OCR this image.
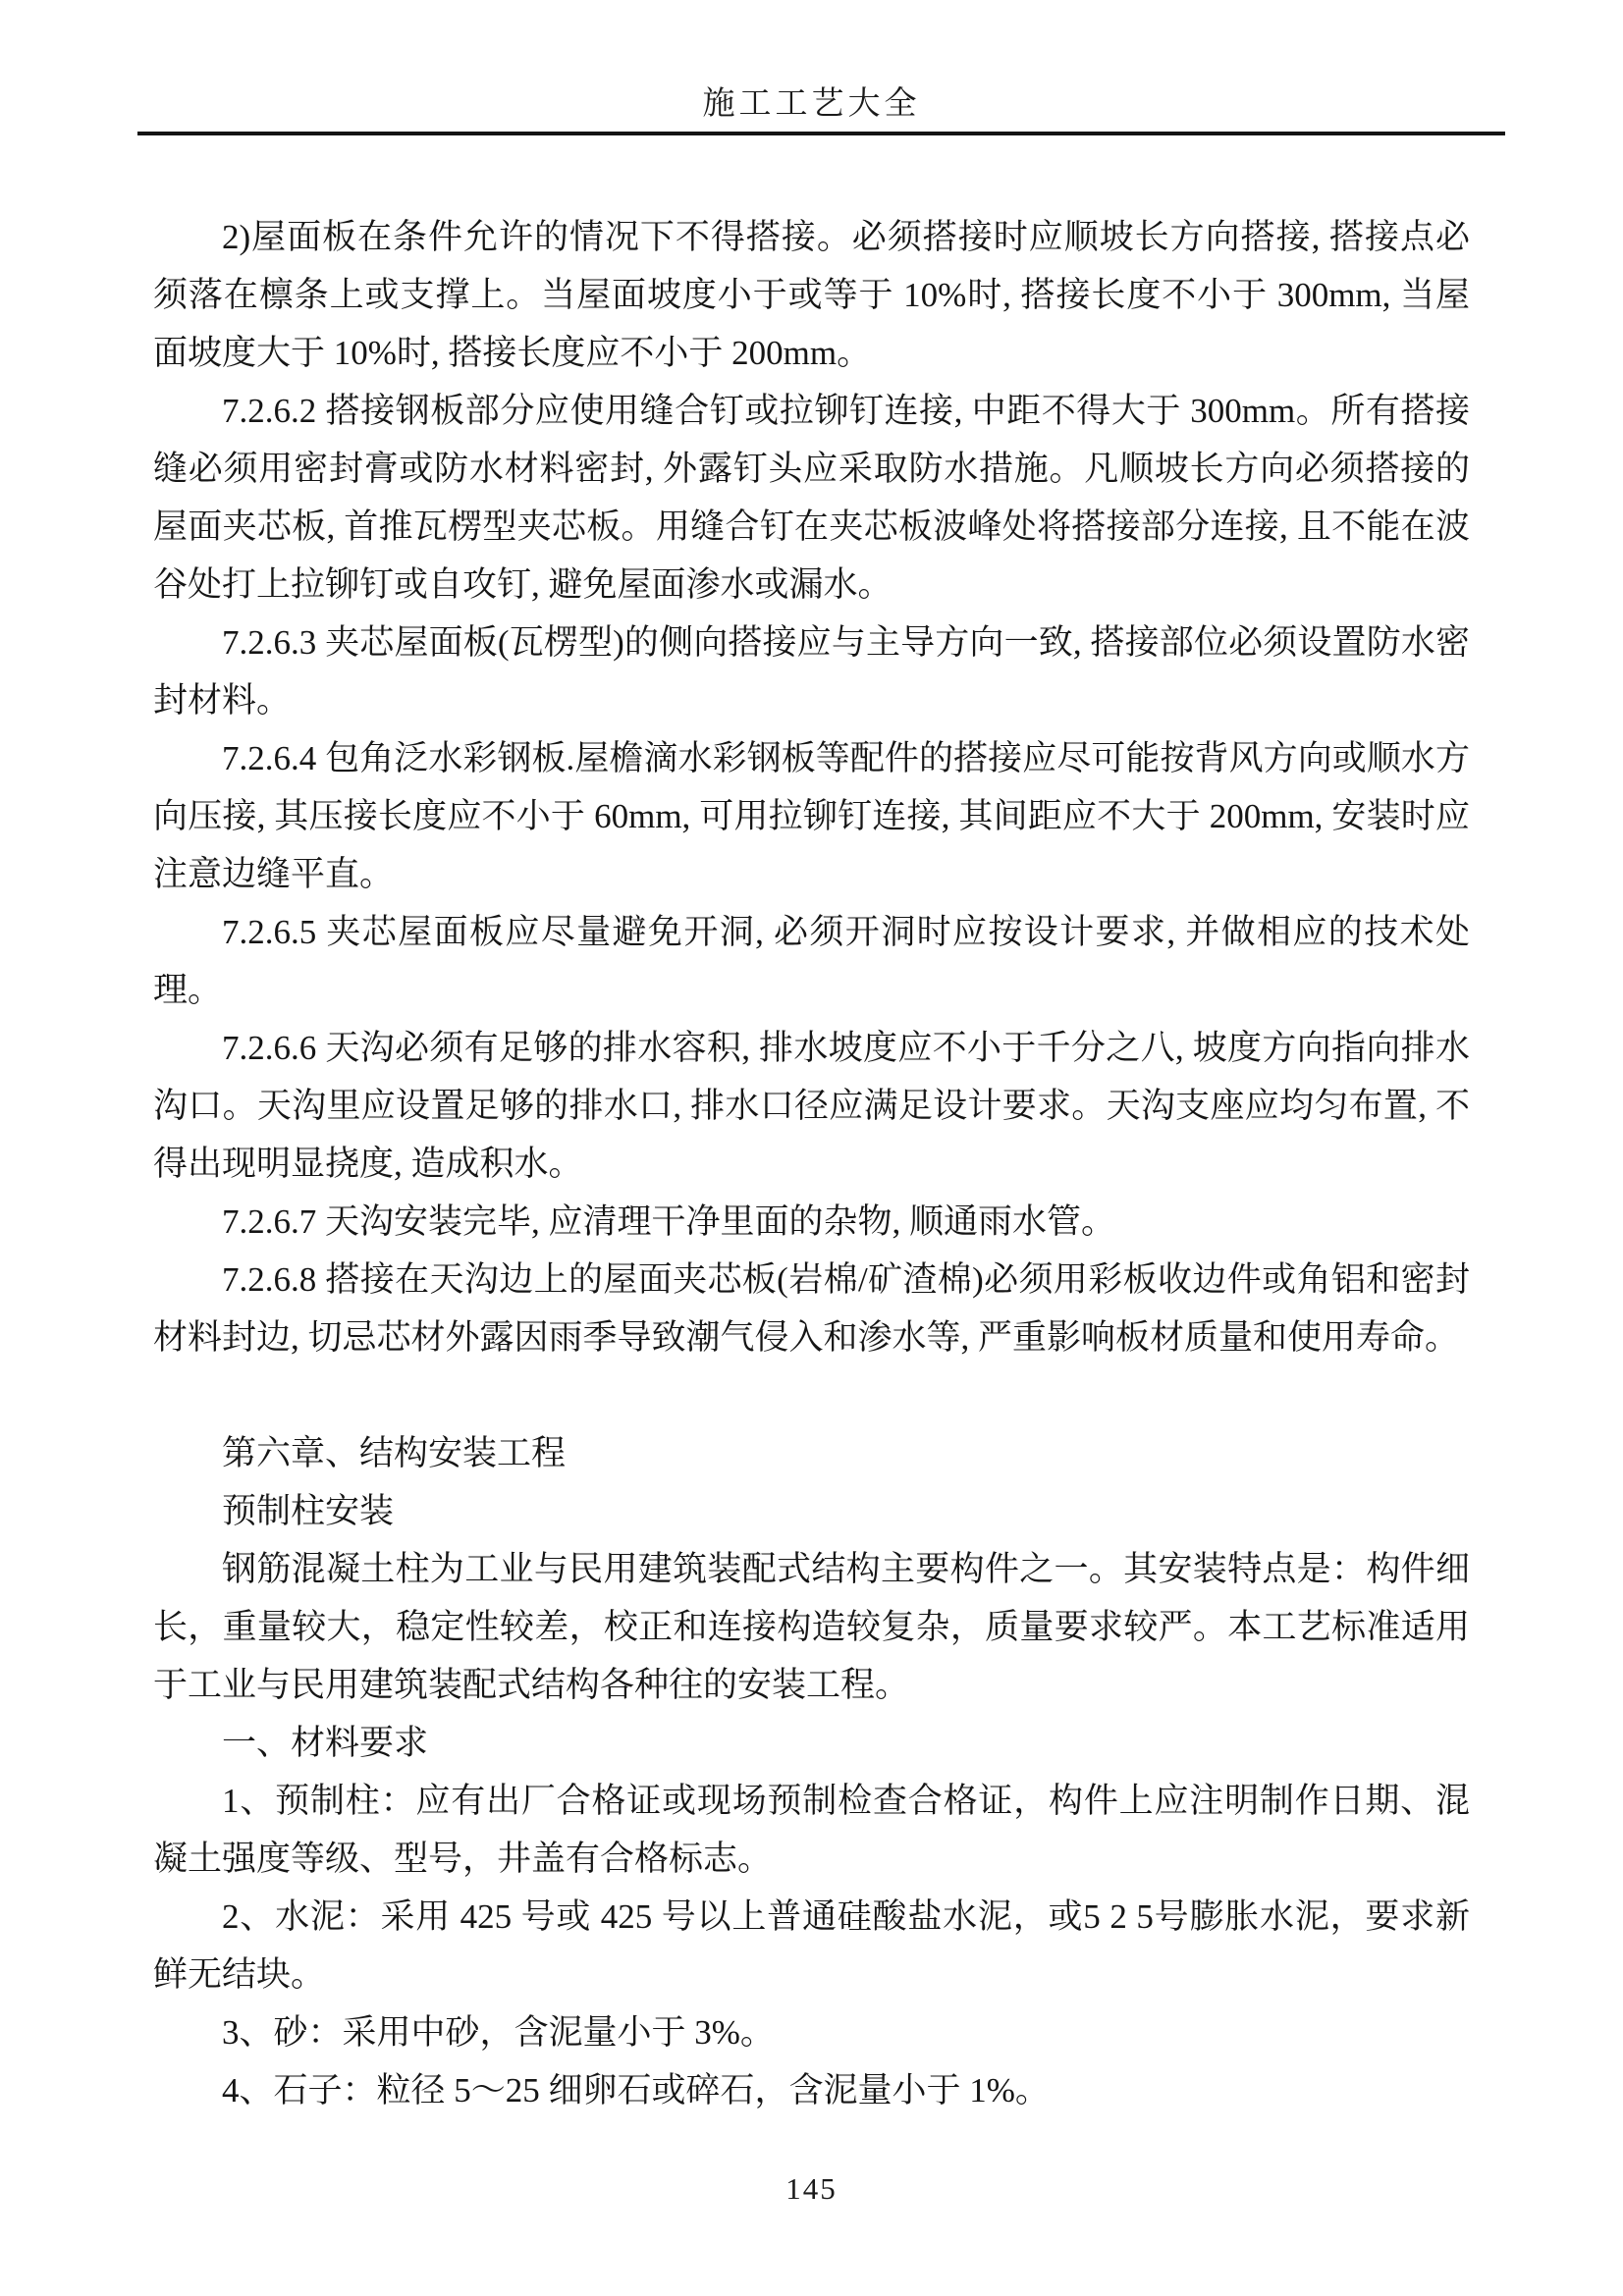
施工工艺大全

2)屋面板在条件允许的情况下不得搭接。必须搭接时应顺坡长方向搭接, 搭接点必须落在檩条上或支撑上。当屋面坡度小于或等于 10%时, 搭接长度不小于 300mm, 当屋面坡度大于 10%时, 搭接长度应不小于 200mm。

7.2.6.2 搭接钢板部分应使用缝合钉或拉铆钉连接, 中距不得大于 300mm。所有搭接缝必须用密封膏或防水材料密封, 外露钉头应采取防水措施。凡顺坡长方向必须搭接的屋面夹芯板, 首推瓦楞型夹芯板。用缝合钉在夹芯板波峰处将搭接部分连接, 且不能在波谷处打上拉铆钉或自攻钉, 避免屋面渗水或漏水。

7.2.6.3 夹芯屋面板(瓦楞型)的侧向搭接应与主导方向一致, 搭接部位必须设置防水密封材料。

7.2.6.4 包角泛水彩钢板.屋檐滴水彩钢板等配件的搭接应尽可能按背风方向或顺水方向压接, 其压接长度应不小于 60mm, 可用拉铆钉连接, 其间距应不大于 200mm, 安装时应注意边缝平直。

7.2.6.5 夹芯屋面板应尽量避免开洞, 必须开洞时应按设计要求, 并做相应的技术处理。

7.2.6.6 天沟必须有足够的排水容积, 排水坡度应不小于千分之八, 坡度方向指向排水沟口。天沟里应设置足够的排水口, 排水口径应满足设计要求。天沟支座应均匀布置, 不得出现明显挠度, 造成积水。

7.2.6.7 天沟安装完毕, 应清理干净里面的杂物, 顺通雨水管。

7.2.6.8 搭接在天沟边上的屋面夹芯板(岩棉/矿渣棉)必须用彩板收边件或角铝和密封材料封边, 切忌芯材外露因雨季导致潮气侵入和渗水等, 严重影响板材质量和使用寿命。

第六章、结构安装工程

预制柱安装

钢筋混凝土柱为工业与民用建筑装配式结构主要构件之一。其安装特点是：构件细长，重量较大，稳定性较差，校正和连接构造较复杂，质量要求较严。本工艺标准适用于工业与民用建筑装配式结构各种往的安装工程。

一、材料要求

1、预制柱：应有出厂合格证或现场预制检查合格证，构件上应注明制作日期、混凝土强度等级、型号，井盖有合格标志。

2、水泥：采用 425 号或 425 号以上普通硅酸盐水泥，或5 2 5号膨胀水泥，要求新鲜无结块。

3、砂：采用中砂，含泥量小于 3%。

4、石子：粒径 5～25 细卵石或碎石，含泥量小于 1%。

145
